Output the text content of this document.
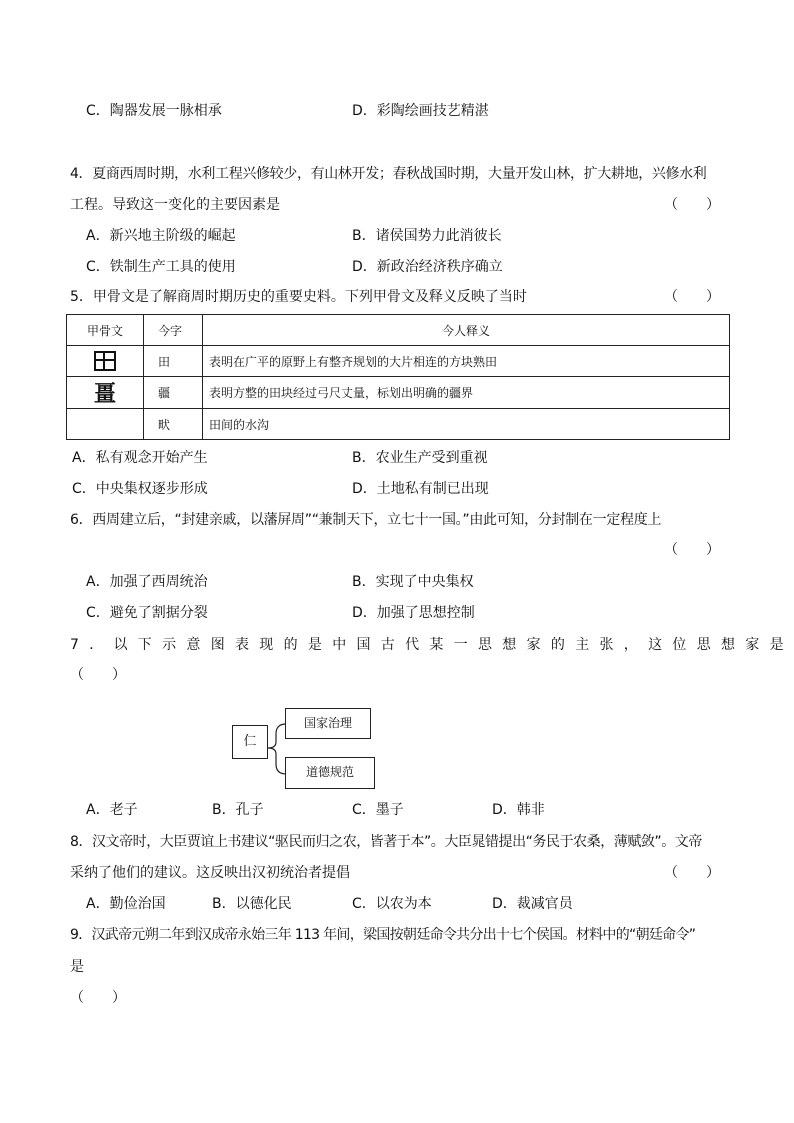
C．陶器发展一脉相承	D．彩陶绘画技艺精湛
4．夏商西周时期，水利工程兴修较少，有山林开发；春秋战国时期，大量开发山林，扩大耕地，兴修水利
工程。导致这一变化的主要因素是	（　　）
A．新兴地主阶级的崛起	B．诸侯国势力此消彼长
C．铁制生产工具的使用	D．新政治经济秩序确立
5．甲骨文是了解商周时期历史的重要史料。下列甲骨文及释义反映了当时	（　　）
甲骨文	今字	今人释义
	田	表明在广平的原野上有整齐规划的大片相连的方块熟田
畺	疆	表明方整的田块经过弓尺丈量，标划出明确的疆界
	畎	田间的水沟
A．私有观念开始产生	B．农业生产受到重视
C．中央集权逐步形成	D．土地私有制已出现
6．西周建立后，“封建亲戚，以藩屏周”“兼制天下，立七十一国。”由此可知，分封制在一定程度上
（　　）
A．加强了西周统治	B．实现了中央集权
C．避免了割据分裂	D．加强了思想控制
7．以下示意图表现的是中国古代某一思想家的主张，这位思想家是
（　　）
仁
国家治理
道德规范
A．老子	B．孔子	C．墨子	D．韩非
8．汉文帝时，大臣贾谊上书建议“驱民而归之农，皆著于本”。大臣晁错提出“务民于农桑，薄赋敛”。文帝
采纳了他们的建议。这反映出汉初统治者提倡	（　　）
A．勤俭治国	B．以德化民	C．以农为本	D．裁减官员
9．汉武帝元朔二年到汉成帝永始三年 113 年间，梁国按朝廷命令共分出十七个侯国。材料中的“朝廷命令”
是
（　　）
